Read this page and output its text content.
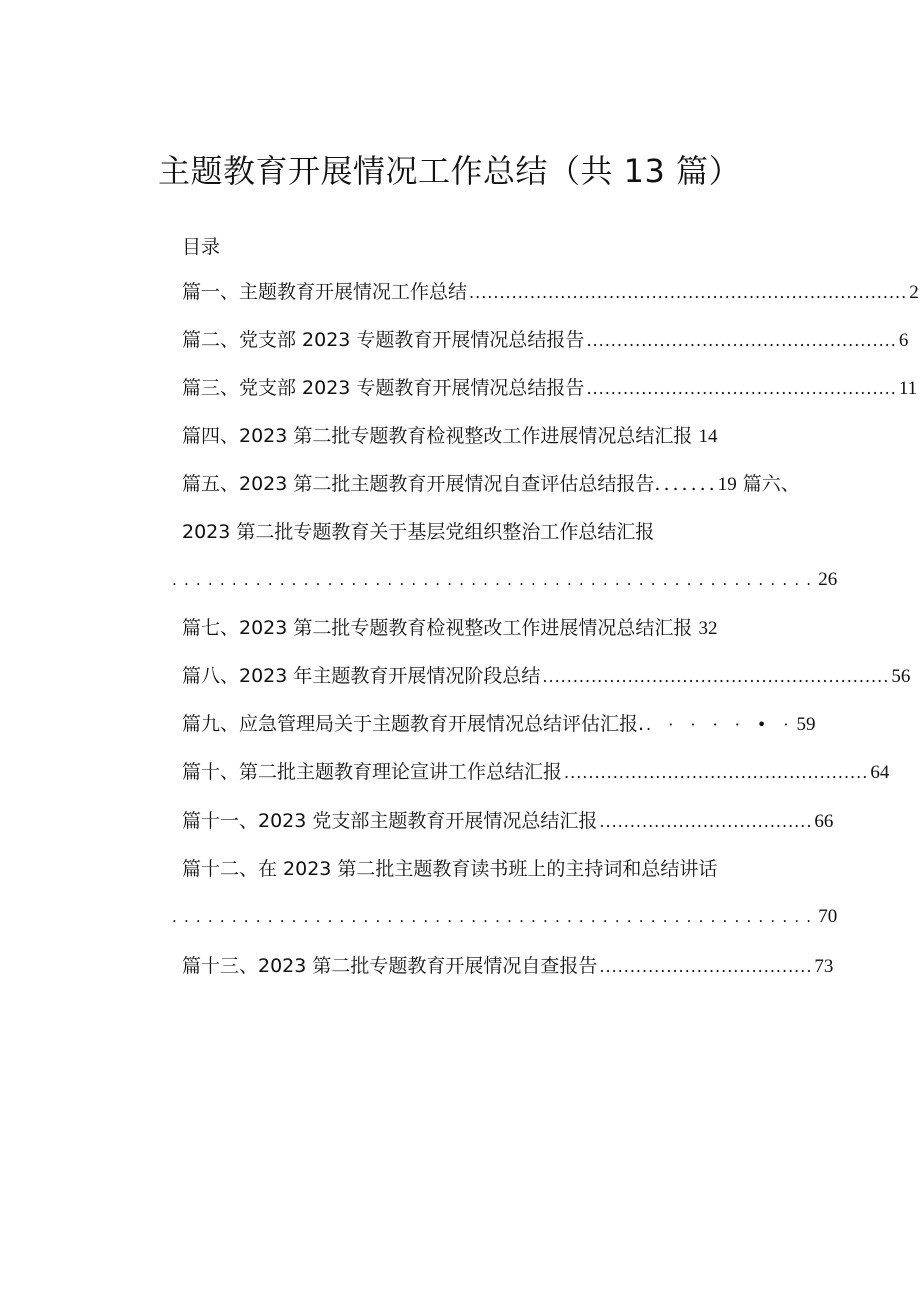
主题教育开展情况工作总结（共 13 篇）
目录
篇一、主题教育开展情况工作总结 ........................................................................ 2
篇二、党支部 2023 专题教育开展情况总结报告 ................................................... 6
篇三、党支部 2023 专题教育开展情况总结报告 ................................................... 11
篇四、2023 第二批专题教育检视整改工作进展情况总结汇报 14
篇五、2023 第二批主题教育开展情况自查评估总结报告.......19 篇六、
2023 第二批专题教育关于基层党组织整治工作总结汇报
...................................................... 26
篇七、2023 第二批专题教育检视整改工作进展情况总结汇报 32
篇八、2023 年主题教育开展情况阶段总结 ......................................................... 56
篇九、应急管理局关于主题教育开展情况总结评估汇报. . · · · · • · 59
篇十、第二批主题教育理论宣讲工作总结汇报 .................................................. 64
篇十一、2023 党支部主题教育开展情况总结汇报 ................................... 66
篇十二、在 2023 第二批主题教育读书班上的主持词和总结讲话
...................................................... 70
篇十三、2023 第二批专题教育开展情况自查报告 ................................... 73
